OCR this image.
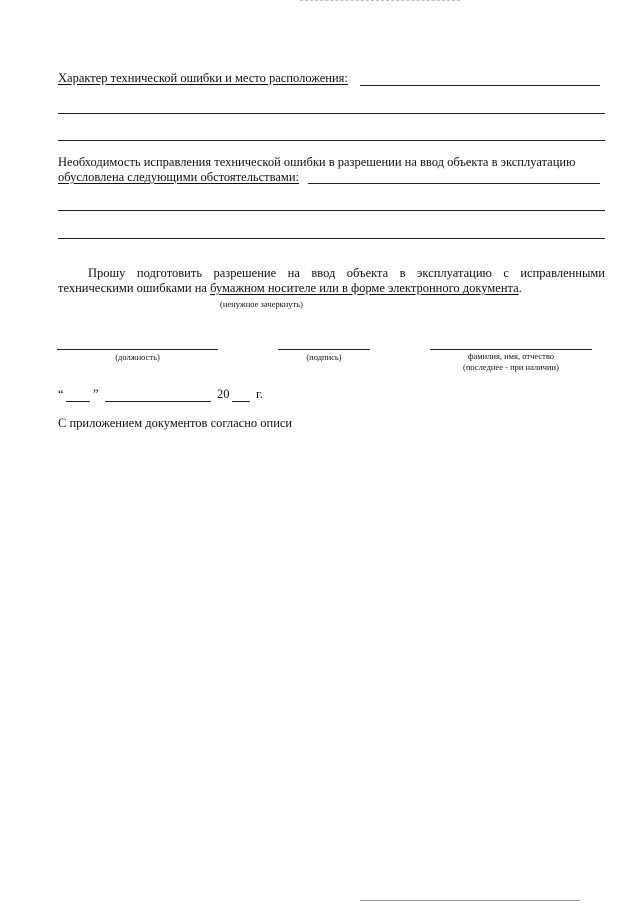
Характер технической ошибки и место расположения:
Необходимость исправления технической ошибки в разрешении на ввод объекта в эксплуатацию
обусловлена следующими обстоятельствами:
Прошу подготовить разрешение на ввод объекта в эксплуатацию с исправленными
техническими ошибками на бумажном носителе или в форме электронного документа.
(ненужное зачеркнуть)
(должность)	(подпись)	фамилия, имя, отчество
(последнее - при наличии)
“ ”	20 г.
С приложением документов согласно описи
